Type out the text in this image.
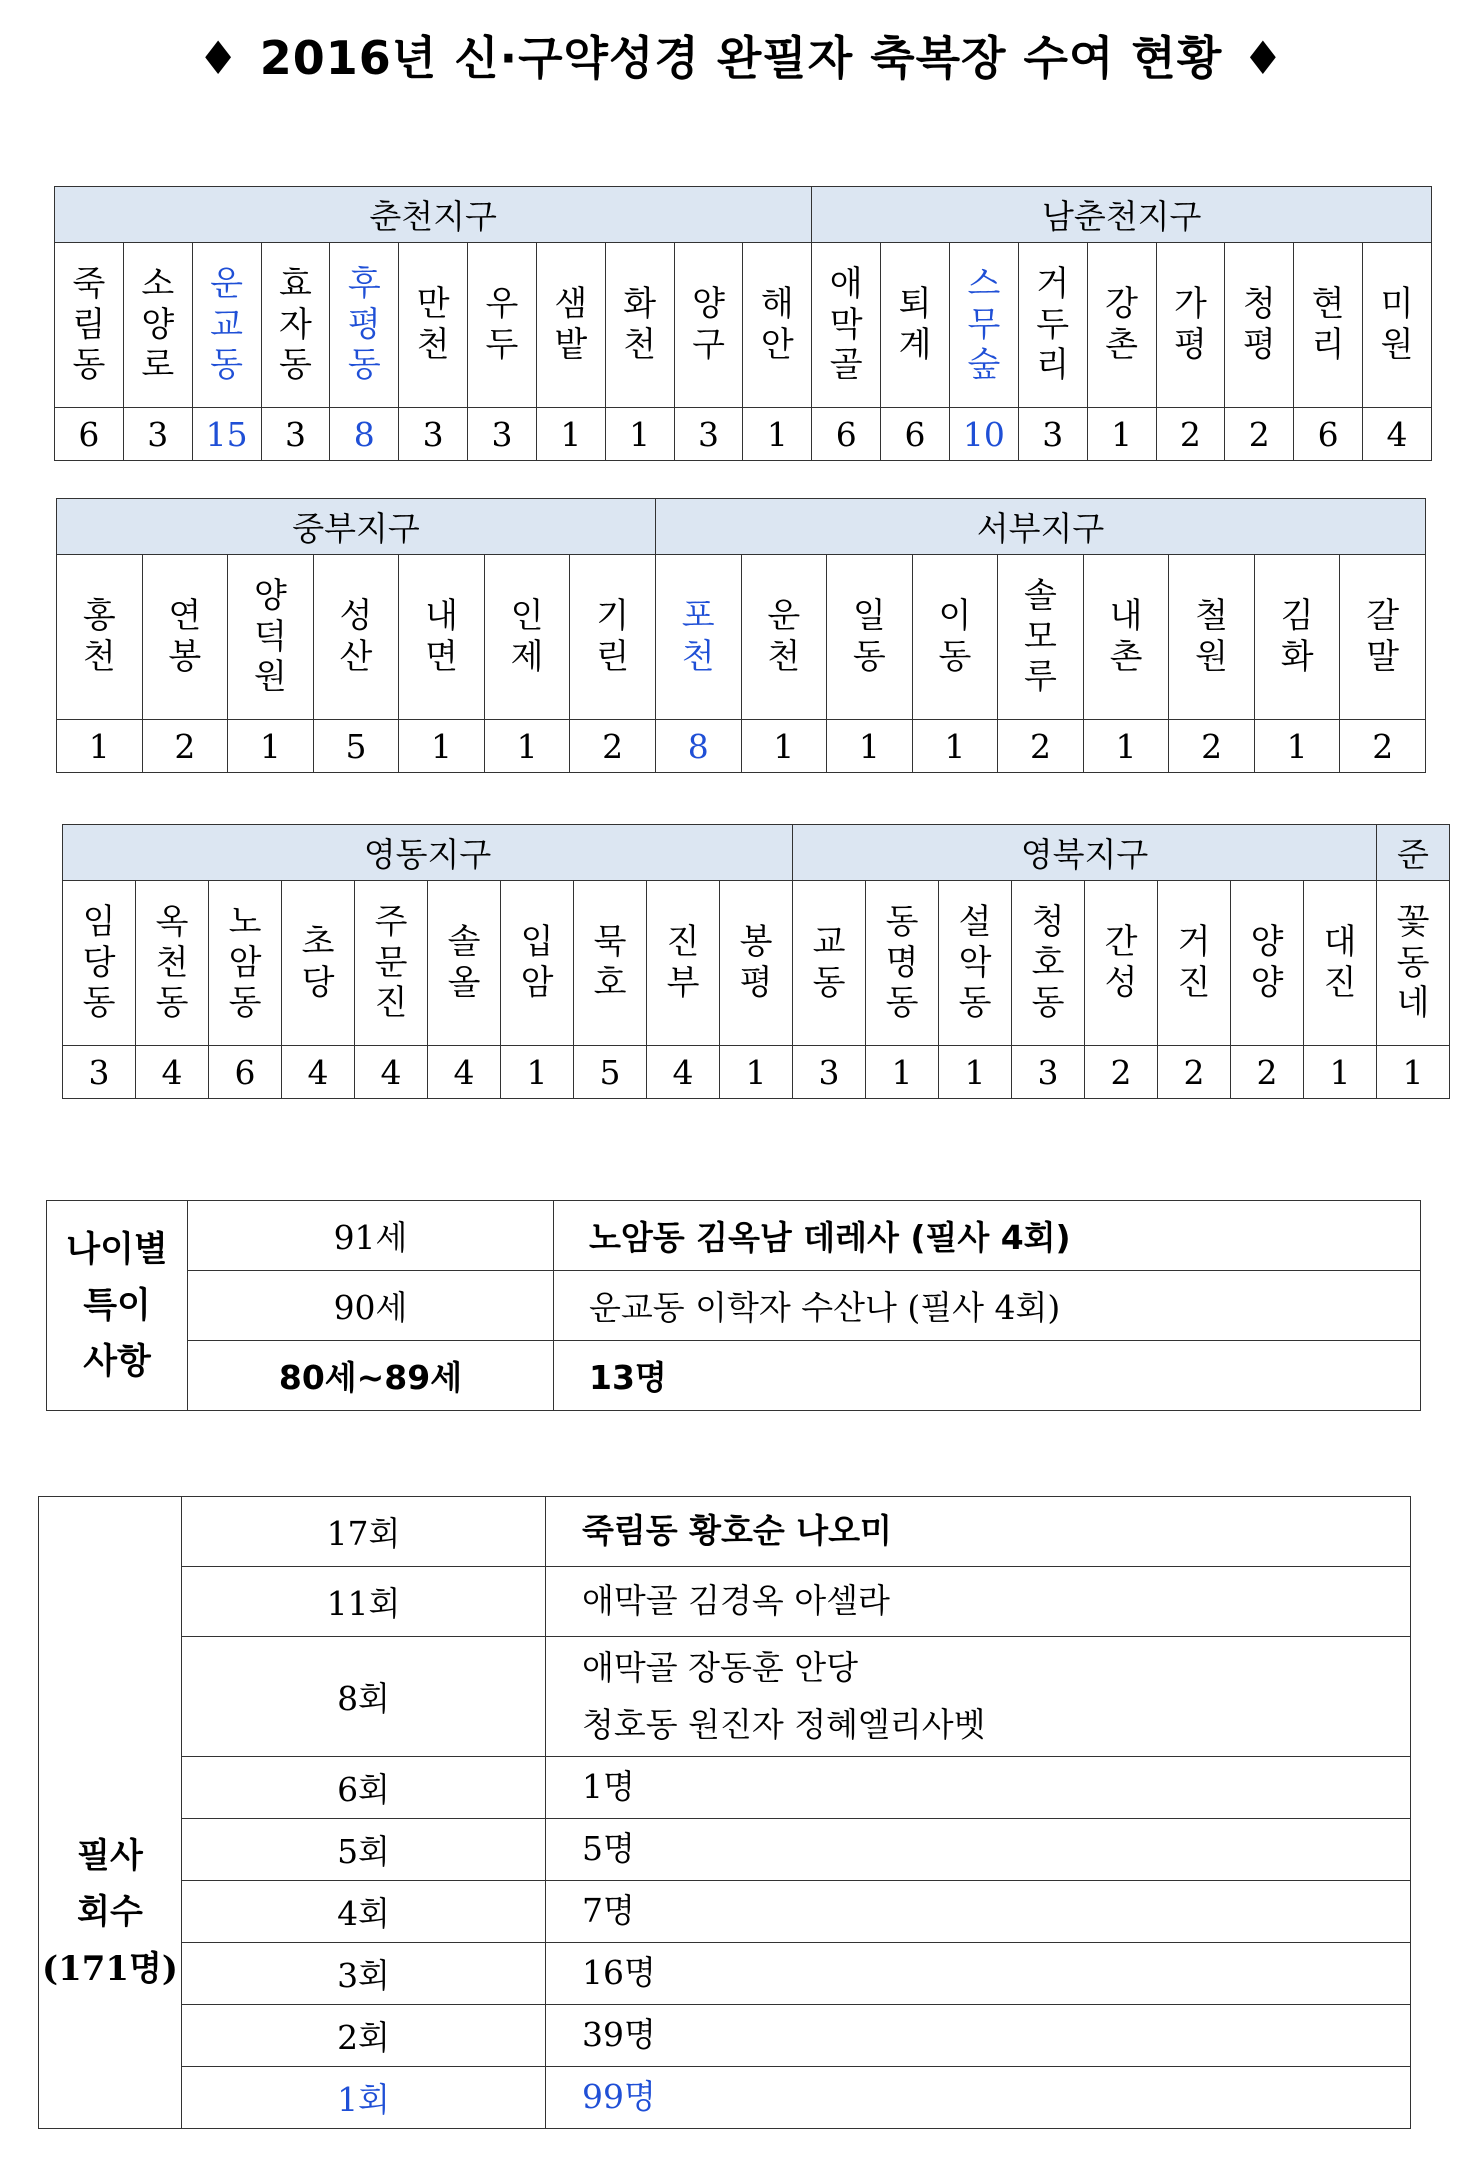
♦ 2016년 신·구약성경 완필자 축복장 수여 현황 ♦
춘천지구											남춘천지구								
죽림동	소양로	운교동	효자동	후평동	만천	우두	샘밭	화천	양구	해안	애막골	퇴계	스무숲	거두리	강촌	가평	청평	현리	미원
6	3	15	3	8	3	3	1	1	3	1	6	6	10	3	1	2	2	6	4
중부지구							서부지구								
홍천	연봉	양덕원	성산	내면	인제	기린	포천	운천	일동	이동	솔모루	내촌	철원	김화	갈말
1	2	1	5	1	1	2	8	1	1	1	2	1	2	1	2
영동지구										영북지구								준
임당동	옥천동	노암동	초당	주문진	솔올	입암	묵호	진부	봉평	교동	동명동	설악동	청호동	간성	거진	양양	대진	꽃동네
3	4	6	4	4	4	1	5	4	1	3	1	1	3	2	2	2	1	1
나이별
특이
사항	91세	노암동 김옥남 데레사 (필사 4회)
	90세	운교동 이학자 수산나 (필사 4회)
	80세~89세	13명
필사 회수
(171명)	17회	죽림동 황호순 나오미

	11회	애막골 김경옥 아셀라

	8회	애막골 장동훈 안당
청호동 원진자 정혜엘리사벳

	6회	1명

	5회	5명

	4회	7명

	3회	16명

	2회	39명

	1회	99명
